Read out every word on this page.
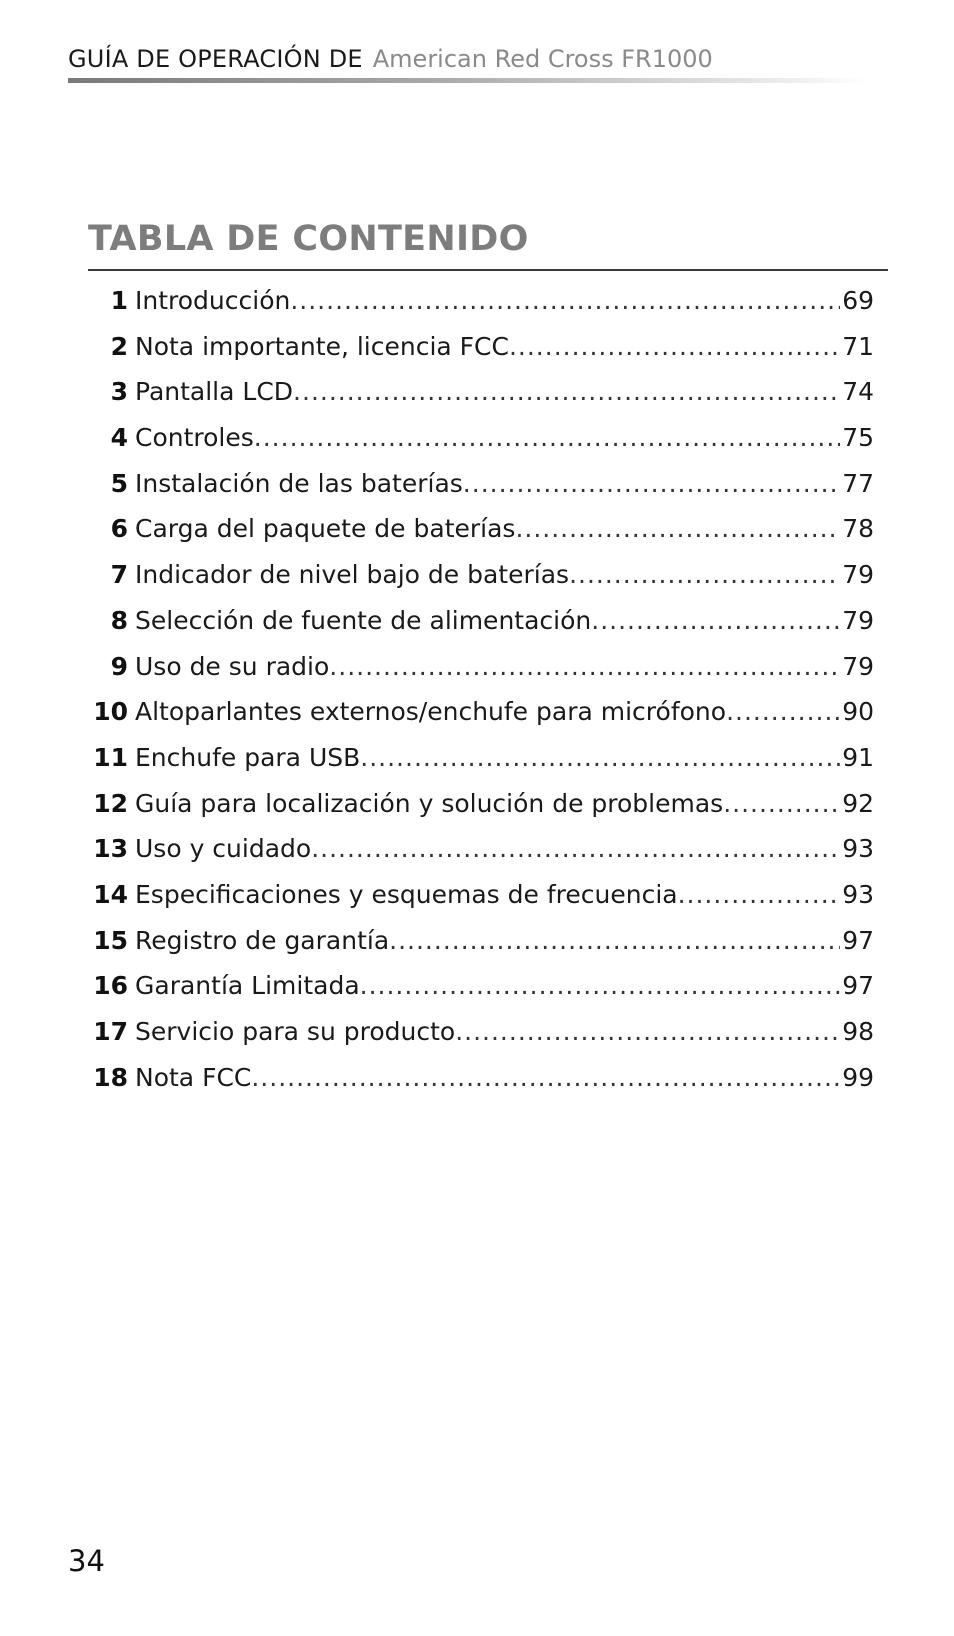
GUÍA DE OPERACIÓN DE American Red Cross FR1000
TABLA DE CONTENIDO
1 Introducción .....	69
2 Nota importante, licencia FCC .....	71
3 Pantalla LCD .....	74
4 Controles .....	75
5 Instalación de las baterías .....	77
6 Carga del paquete de baterías .....	78
7 Indicador de nivel bajo de baterías .....	79
8 Selección de fuente de alimentación .....	79
9 Uso de su radio .....	79
10 Altoparlantes externos/enchufe para micrófono .....	90
11 Enchufe para USB .....	91
12 Guía para localización y solución de problemas .....	92
13 Uso y cuidado .....	93
14 Especificaciones y esquemas de frecuencia .....	93
15 Registro de garantía .....	97
16 Garantía Limitada .....	97
17 Servicio para su producto .....	98
18 Nota FCC .....	99
34
